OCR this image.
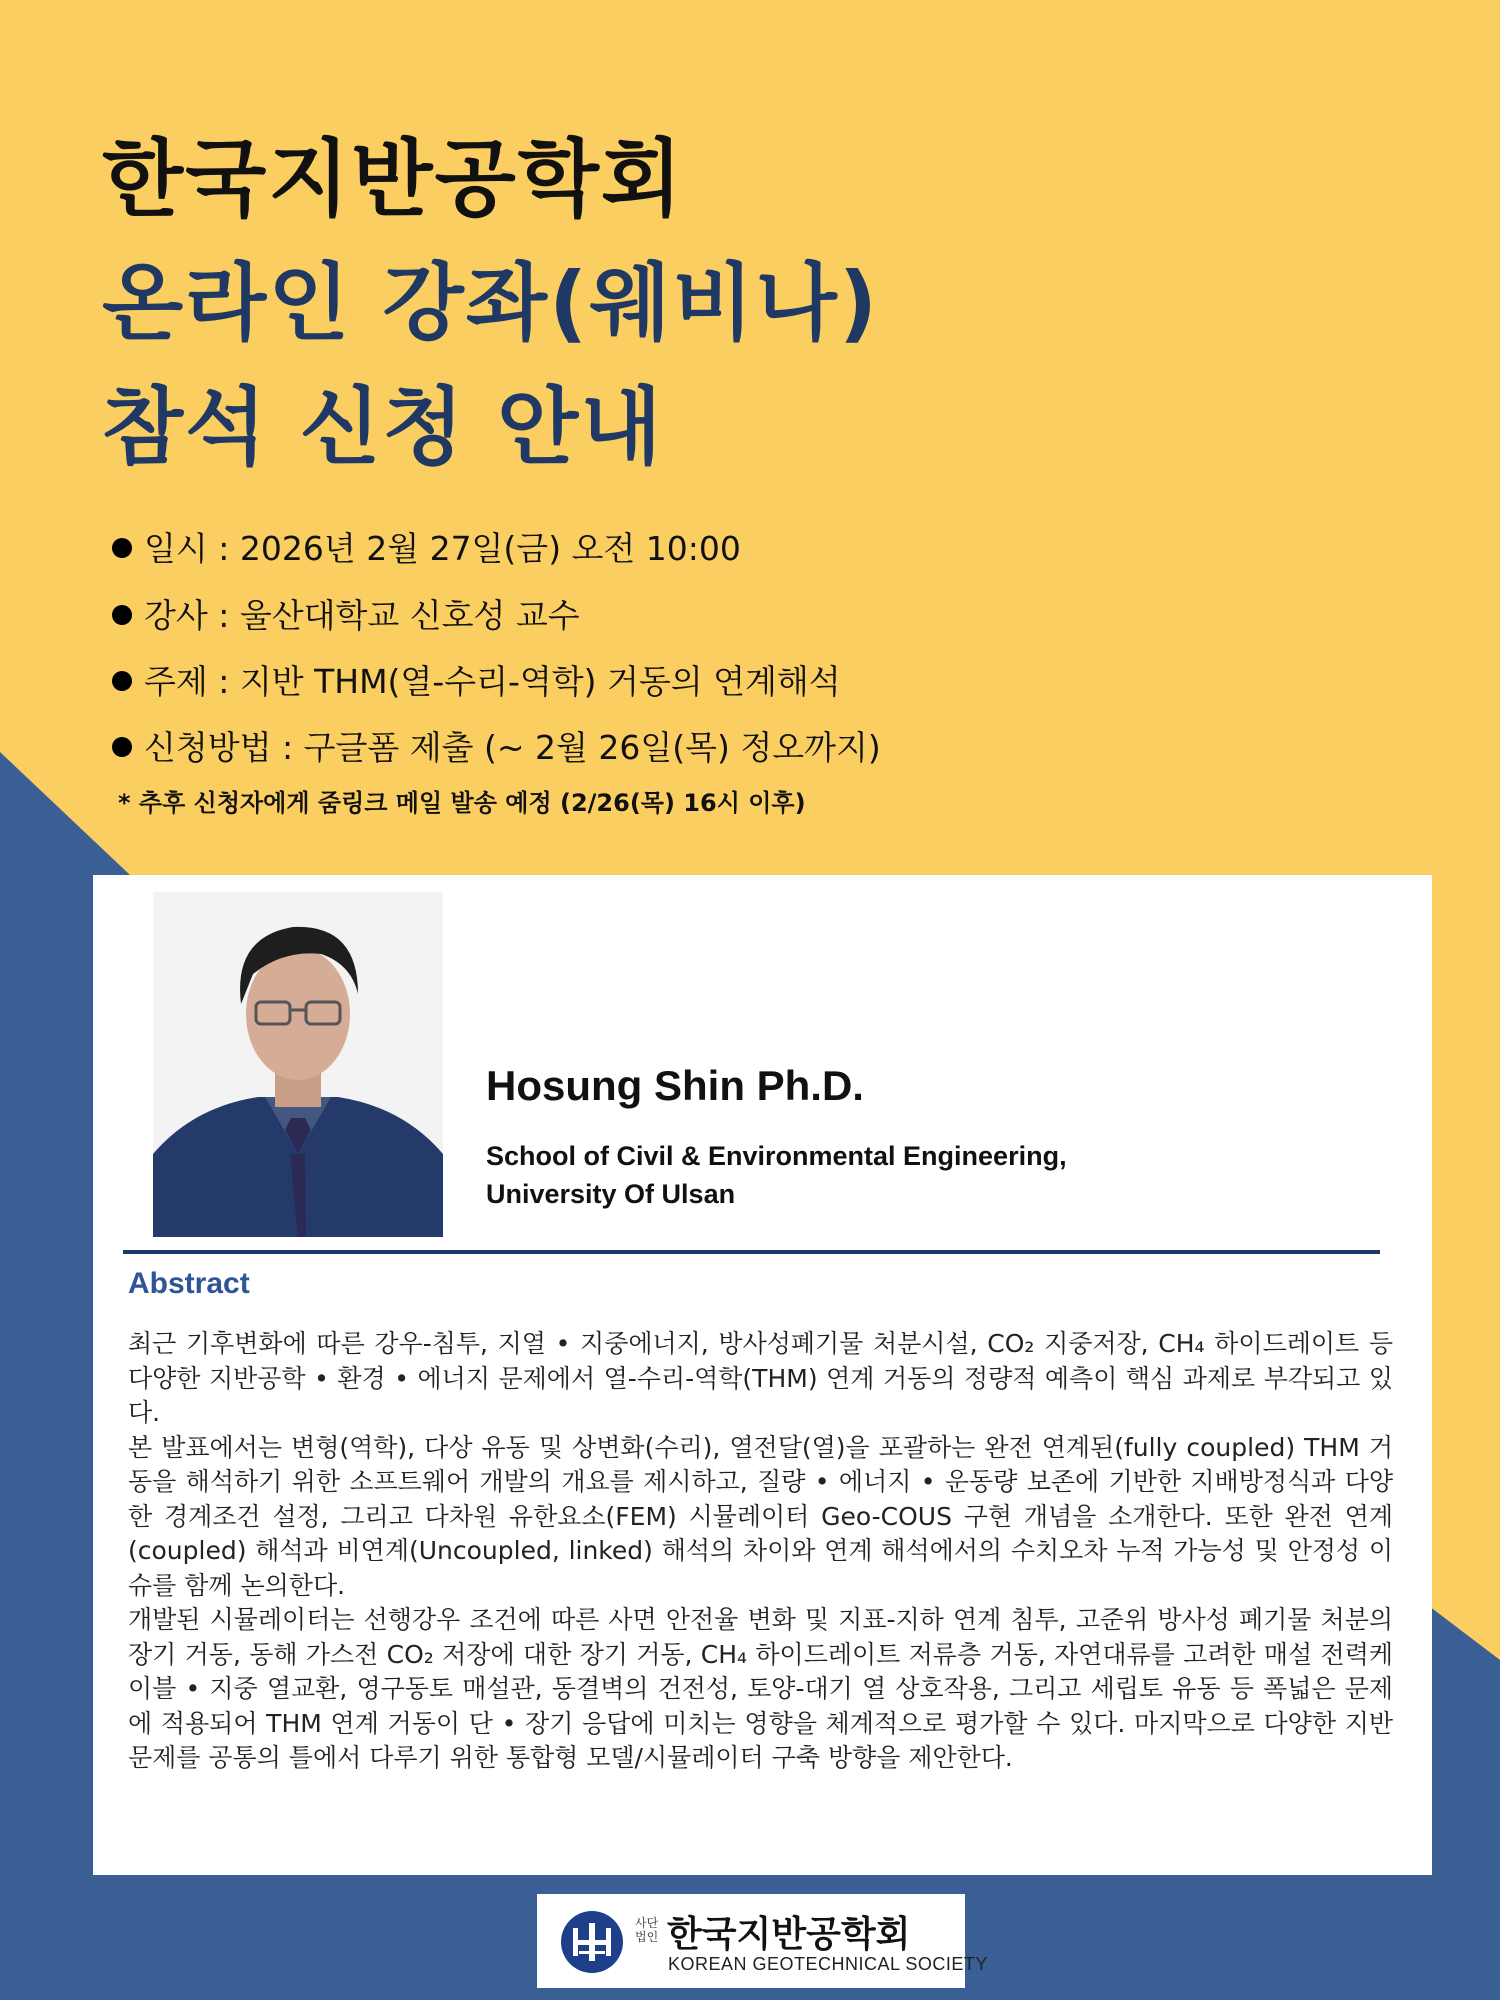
한국지반공학회
온라인 강좌(웨비나)
참석 신청 안내
일시 : 2026년 2월 27일(금) 오전 10:00
강사 : 울산대학교 신호성 교수
주제 : 지반 THM(열-수리-역학) 거동의 연계해석
신청방법 : 구글폼 제출 (~ 2월 26일(목) 정오까지)
* 추후 신청자에게 줌링크 메일 발송 예정 (2/26(목) 16시 이후)
Hosung Shin Ph.D.
School of Civil & Environmental Engineering,
University Of Ulsan
Abstract

최근 기후변화에 따른 강우-침투, 지열 • 지중에너지, 방사성폐기물 처분시설, CO₂ 지중저장, CH₄ 하이드레이트 등 다양한 지반공학 • 환경 • 에너지 문제에서 열-수리-역학(THM) 연계 거동의 정량적 예측이 핵심 과제로 부각되고 있다.

본 발표에서는 변형(역학), 다상 유동 및 상변화(수리), 열전달(열)을 포괄하는 완전 연계된(fully coupled) THM 거동을 해석하기 위한 소프트웨어 개발의 개요를 제시하고, 질량 • 에너지 • 운동량 보존에 기반한 지배방정식과 다양한 경계조건 설정, 그리고 다차원 유한요소(FEM) 시뮬레이터 Geo-COUS 구현 개념을 소개한다. 또한 완전 연계(coupled) 해석과 비연계(Uncoupled, linked) 해석의 차이와 연계 해석에서의 수치오차 누적 가능성 및 안정성 이슈를 함께 논의한다.

개발된 시뮬레이터는 선행강우 조건에 따른 사면 안전율 변화 및 지표-지하 연계 침투, 고준위 방사성 폐기물 처분의 장기 거동, 동해 가스전 CO₂ 저장에 대한 장기 거동, CH₄ 하이드레이트 저류층 거동, 자연대류를 고려한 매설 전력케이블 • 지중 열교환, 영구동토 매설관, 동결벽의 건전성, 토양-대기 열 상호작용, 그리고 세립토 유동 등 폭넓은 문제에 적용되어 THM 연계 거동이 단 • 장기 응답에 미치는 영향을 체계적으로 평가할 수 있다. 마지막으로 다양한 지반 문제를 공통의 틀에서 다루기 위한 통합형 모델/시뮬레이터 구축 방향을 제안한다.

사단
법인 한국지반공학회
KOREAN GEOTECHNICAL SOCIETY
